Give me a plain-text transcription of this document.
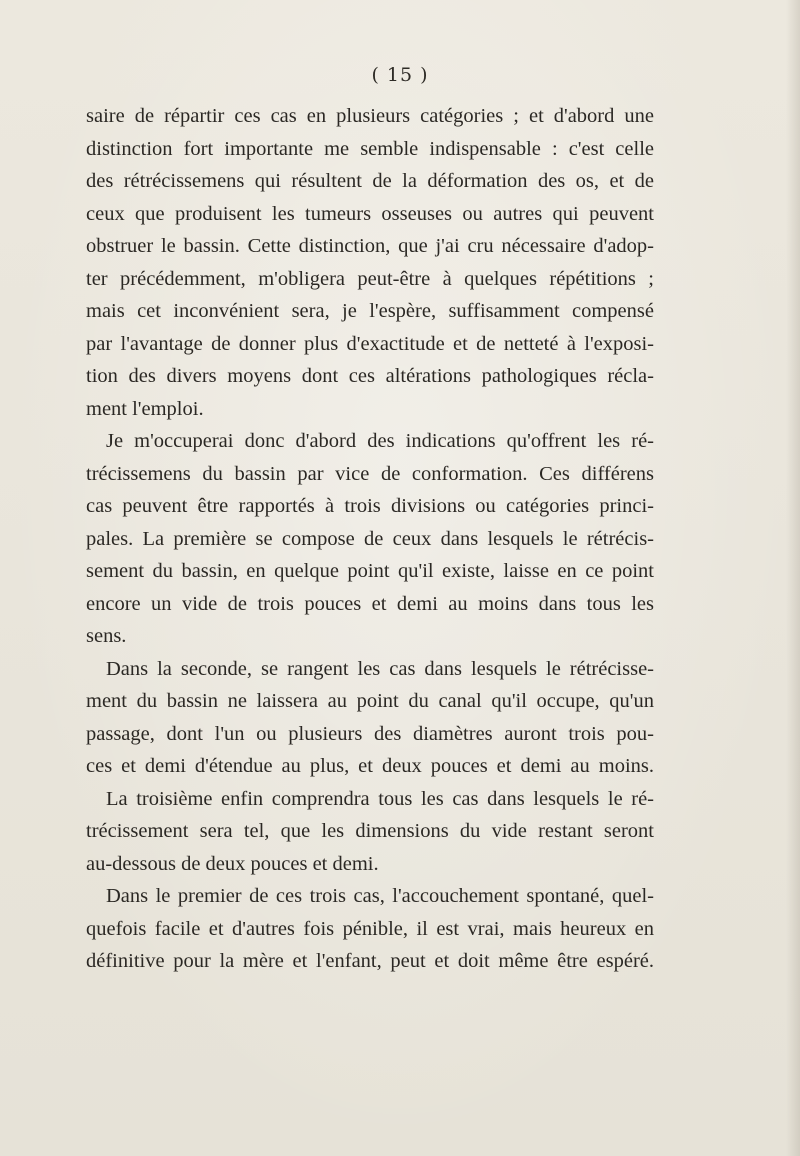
( 15 )

saire de répartir ces cas en plusieurs catégories ; et d'abord une
distinction fort importante me semble indispensable : c'est celle
des rétrécissemens qui résultent de la déformation des os, et de
ceux que produisent les tumeurs osseuses ou autres qui peuvent
obstruer le bassin. Cette distinction, que j'ai cru nécessaire d'adop-
ter précédemment, m'obligera peut-être à quelques répétitions ;
mais cet inconvénient sera, je l'espère, suffisamment compensé
par l'avantage de donner plus d'exactitude et de netteté à l'exposi-
tion des divers moyens dont ces altérations pathologiques récla-
ment l'emploi.

Je m'occuperai donc d'abord des indications qu'offrent les ré-
trécissemens du bassin par vice de conformation. Ces différens
cas peuvent être rapportés à trois divisions ou catégories princi-
pales. La première se compose de ceux dans lesquels le rétrécis-
sement du bassin, en quelque point qu'il existe, laisse en ce point
encore un vide de trois pouces et demi au moins dans tous les
sens.

Dans la seconde, se rangent les cas dans lesquels le rétrécisse-
ment du bassin ne laissera au point du canal qu'il occupe, qu'un
passage, dont l'un ou plusieurs des diamètres auront trois pou-
ces et demi d'étendue au plus, et deux pouces et demi au moins.

La troisième enfin comprendra tous les cas dans lesquels le ré-
trécissement sera tel, que les dimensions du vide restant seront
au-dessous de deux pouces et demi.

Dans le premier de ces trois cas, l'accouchement spontané, quel-
quefois facile et d'autres fois pénible, il est vrai, mais heureux en
définitive pour la mère et l'enfant, peut et doit même être espéré.
